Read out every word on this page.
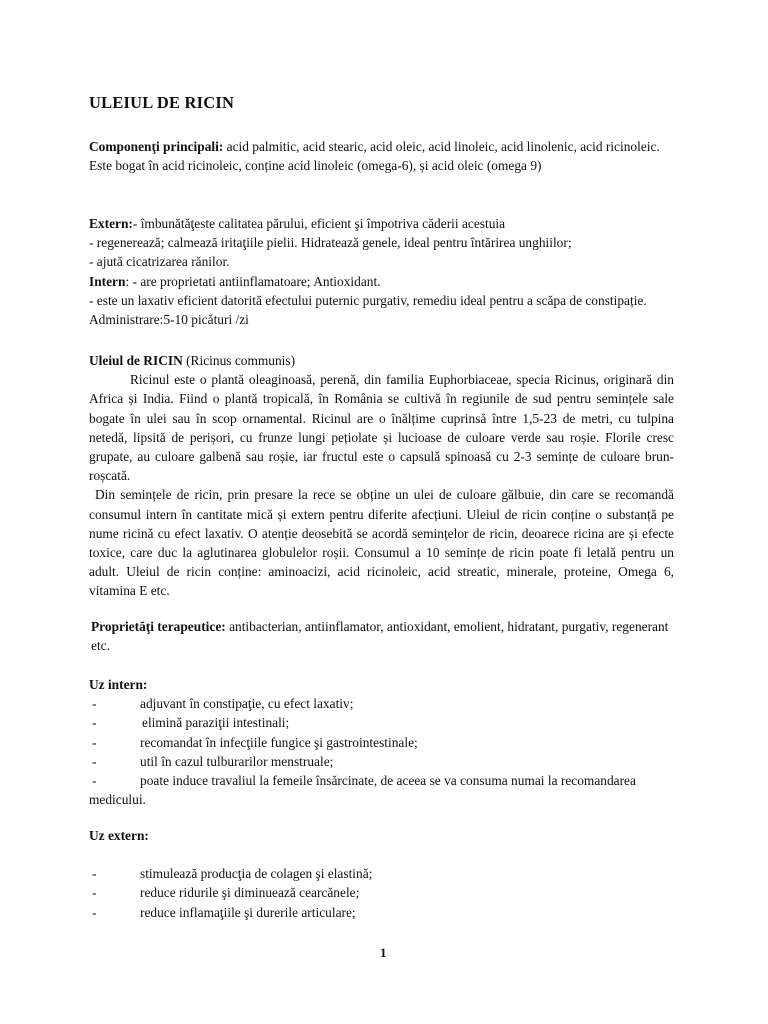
ULEIUL DE RICIN

Componenţi principali: acid palmitic, acid stearic, acid oleic, acid linoleic, acid linolenic, acid ricinoleic.

Este bogat în acid ricinoleic, conține acid linoleic (omega-6), și acid oleic (omega 9)

Extern:- îmbunătăţeste calitatea părului, eficient şi împotriva căderii acestuia

- regenerează; calmează iritaţiile pielii. Hidratează genele, ideal pentru întărirea unghiilor;

- ajută cicatrizarea rănilor.

Intern: - are proprietati antiinflamatoare; Antioxidant.

- este un laxativ eficient datorită efectului puternic purgativ, remediu ideal pentru a scăpa de constipație.

Administrare:5-10 picături /zi

Uleiul de RICIN (Ricinus communis)

Ricinul este o plantă oleaginoasă, perenă, din familia Euphorbiaceae, specia Ricinus, originară din Africa și India. Fiind o plantă tropicală, în România se cultivă în regiunile de sud pentru semințele sale bogate în ulei sau în scop ornamental. Ricinul are o înălțime cuprinsă între 1,5-23 de metri, cu tulpina netedă, lipsită de perișori, cu frunze lungi pețiolate și lucioase de culoare verde sau roșie. Florile cresc grupate, au culoare galbenă sau roșie, iar fructul este o capsulă spinoasă cu 2-3 semințe de culoare brun-roșcată.

Din semințele de ricin, prin presare la rece se obține un ulei de culoare gălbuie, din care se recomandă consumul intern în cantitate mică și extern pentru diferite afecțiuni. Uleiul de ricin conține o substanță pe nume ricină cu efect laxativ. O atenție deosebită se acordă semințelor de ricin, deoarece ricina are și efecte toxice, care duc la aglutinarea globulelor roșii. Consumul a 10 semințe de ricin poate fi letală pentru un adult. Uleiul de ricin conține: aminoacizi, acid ricinoleic, acid streatic, minerale, proteine, Omega 6, vitamina E etc.

Proprietăţi terapeutice: antibacterian, antiinflamator, antioxidant, emolient, hidratant, purgativ, regenerant etc.

Uz intern:

-	adjuvant în constipaţie, cu efect laxativ;
-	elimină paraziţii intestinali;
-	recomandat în infecţiile fungice şi gastrointestinale;
-	util în cazul tulburarilor menstruale;
-	poate induce travaliul la femeile însărcinate, de aceea se va consuma numai la recomandarea medicului.

Uz extern:

-	stimulează producţia de colagen şi elastină;
-	reduce ridurile şi diminuează cearcănele;
-	reduce inflamaţiile şi durerile articulare;
1
